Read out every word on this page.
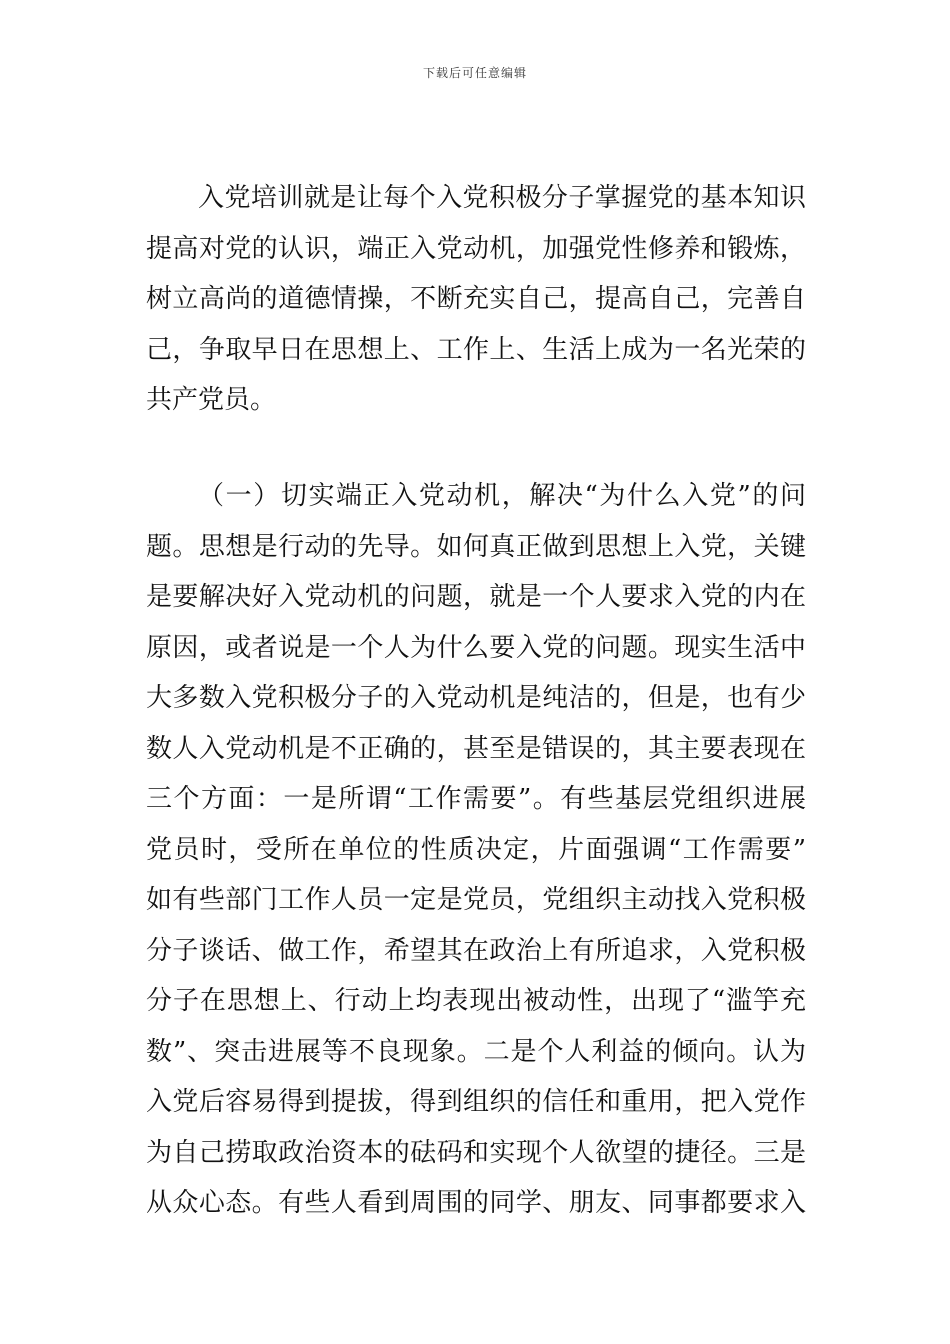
下载后可任意编辑
入党培训就是让每个入党积极分子掌握党的基本知识
提高对党的认识，端正入党动机，加强党性修养和锻炼，
树立高尚的道德情操，不断充实自己，提高自己，完善自
己，争取早日在思想上、工作上、生活上成为一名光荣的
共产党员。
（一）切实端正入党动机，解决“为什么入党”的问
题。思想是行动的先导。如何真正做到思想上入党，关键
是要解决好入党动机的问题，就是一个人要求入党的内在
原因，或者说是一个人为什么要入党的问题。现实生活中
大多数入党积极分子的入党动机是纯洁的，但是，也有少
数人入党动机是不正确的，甚至是错误的，其主要表现在
三个方面：一是所谓“工作需要”。有些基层党组织进展
党员时，受所在单位的性质决定，片面强调“工作需要”
如有些部门工作人员一定是党员，党组织主动找入党积极
分子谈话、做工作，希望其在政治上有所追求，入党积极
分子在思想上、行动上均表现出被动性，出现了“滥竽充
数”、突击进展等不良现象。二是个人利益的倾向。认为
入党后容易得到提拔，得到组织的信任和重用，把入党作
为自己捞取政治资本的砝码和实现个人欲望的捷径。三是
从众心态。有些人看到周围的同学、朋友、同事都要求入
